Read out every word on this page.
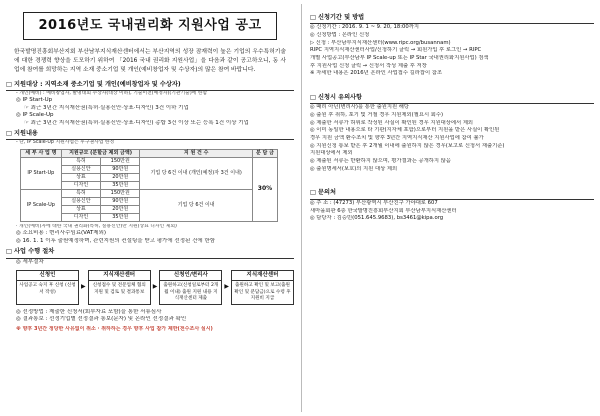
2016년도 국내권리화 지원사업 공고
한국발명진흥회부산지회 부산남부지식재산센터에서는 부산지역의 성장 잠재력이 높은 기업의 우수특허기술에 대한 경쟁력 향상을 도모하기 위하여 「2016 국내 권리화 지원사업」을 다음과 같이 공고하오니, 동 사업에 참여를 희망하는 지역 소재 중소기업 및 개인(예비창업자 및 수상자)의 많은 참여 바랍니다.
□ 지원대상 : 지역소재 중소기업 및 개인(예비창업자 및 수상자)
- 개인(예비) : 예비창업자, 발명대회 수상자(대상 이하), 기술이전(예정자)(기관기술)에 한함
◎ IP Start-Up
☞ 최근 3년간 지식재산권(특허·실용신안·상표·디자인) 3건 이하 기업
◎ IP Scale-Up
☞ 최근 3년간 지식재산권(특허·실용신안·상표·디자인) 총합 3건 이상 또는 등록 1건 이상 기업
□ 지원내용
- 단, IP Scale-Up 지원사업은 후구권사업 한정
세 부 사 업 명	지원규모 (분할금 제외 금액)		지 원 건 수	분 담 금
IP Start-Up	특허	150만원	기업 당 6건 이내 (개인(예정)자 3건 이내)	30%
	실용신안	90만원		
	상표	20만원		
	디자인	35만원		
IP Scale-Up	특허	150만원	기업 당 6건 이내	
	실용신안	90만원		
	상표	20만원		
	디자인	35만원		
· 개인(예비)자에 대한 국내 권리화(특허, 실용신안)만 지원(상표 디자인 제외)
◎ 소요비용 : 변리사수임료(VAT제외)
◎ 16. 1. 1 이후 출원예정하며, 관련지원의 컨설팅을 받고 평가에 선정된 건에 한함
□ 사업 수행 절차
◎ 세부절차
신청인
사업공고 숙지 후 신청 (신청서 작성)
▶
지식재산센터
신청접수 및 전문업체 협의 지원 및 검토 및 결과통보
▶
신청인/변리사
출원하고(신청일로부터 2개월 이내) 출원 지원 내용 지식재산센터 제출
▶
지식재산센터
출원하고 확인 및 보고(출원 확인 및 분담금)으로 수령 후 지원비 지급
◎ 선정방법 : 제출한 신청서(회부자료 포함)을 통한 서류심사
◎ 결과통보 : 선정기업별 선정결과 통보(문자) 및 온라인 선정결과 확인
※ 향후 3년간 정당한 사유없이 취소 · 취하하는 경우 향후 사업 참가 제한(전수조사 실시)
□ 신청기간 및 방법
◎ 신청기간 : 2016. 9. 1 ~ 9. 20, 18:00까지
◎ 신청방법 : 온라인 신청
▷ 신청 : 부산남부지식재산센터(www.ripc.org/busannam)
RIPC 지역지식재산센터사업/신청하기 클릭 → 회원가입 후 로그인 → RIPC
개별 사업공고(부산남부 IP Scale-up 또는 IP Star 국내권리화지원사업) 검색
후 지원사업 신청 클릭 → 신청서 작성 제출 후 저장
※ 자세한 내용은 2016년 온라인 사업접수 길라잡이 참조
□ 신청시 유의사항
◎ 때리 아닌(변리사)를 통한 출원지원 해당
◎ 출원 후 취하, 포기 및 거절 경우 지원제외(필요시 회수)
◎ 제출한 서류가 허위로 작성된 사실이 확인된 경우 지원대상에서 제외
◎ 이미 동일한 내용으로 타 기관(지자체 포함)으로부터 지원을 받은 사실이 확인된
경우 지원 금액 환수조치 및 향후 3년간 지역지식재산 지원사업에 참여 불가
◎ 지원신청 통보 받은 후 2개월 이내에 출원하지 않은 경우(보고로 신청서 재출기준)
지원대상에서 제외
◎ 제출된 서류는 반환하지 않으며, 평가결과는 공개하지 않음
◎ 출원명세서(보호)의 지원 대상 제외
□ 문의처
◎ 주 소 : (47273) 부산광역시 부산진구 가야대로 607
새마을회관 6층 한국발명진흥회부산지회 부산남부지식재산센터
◎ 담당자 : 김승민(051.645.9683), bs3461@kipa.org
